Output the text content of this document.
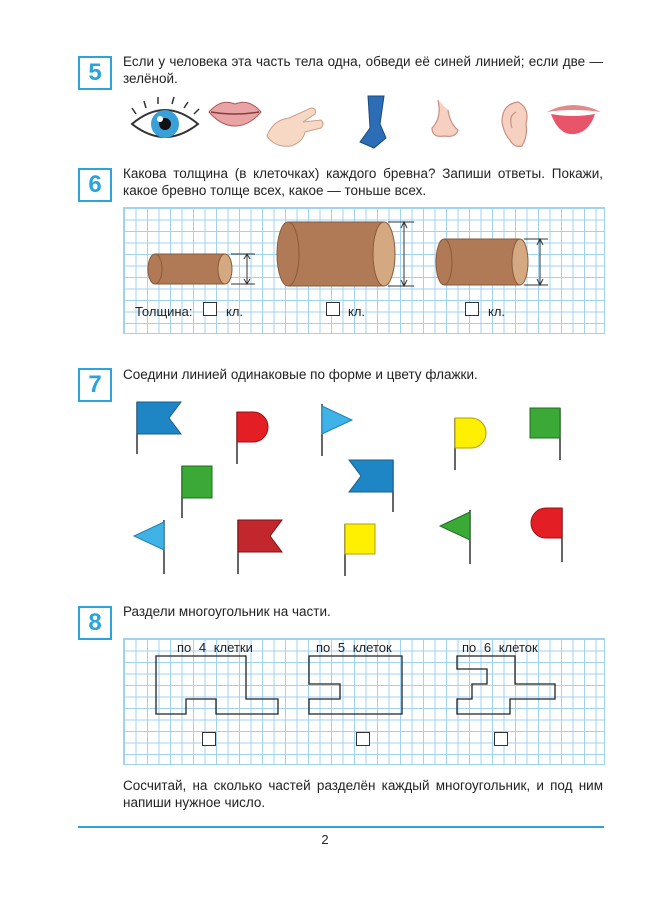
5	Если у человека эта часть тела одна, обведи её синей линией; если две — зелёной.
6	Какова толщина (в клеточках) каждого бревна? Запиши ответы. Покажи, какое бревно толще всех, какое — тоньше всех.
Толщина:	кл.	кл.	кл.
7	Соедини линией одинаковые по форме и цвету флажки.
8	Раздели многоугольник на части.
по 4 клетки	по 5 клеток	по 6 клеток
Сосчитай, на сколько частей разделён каждый многоугольник, и под ним напиши нужное число.
2
